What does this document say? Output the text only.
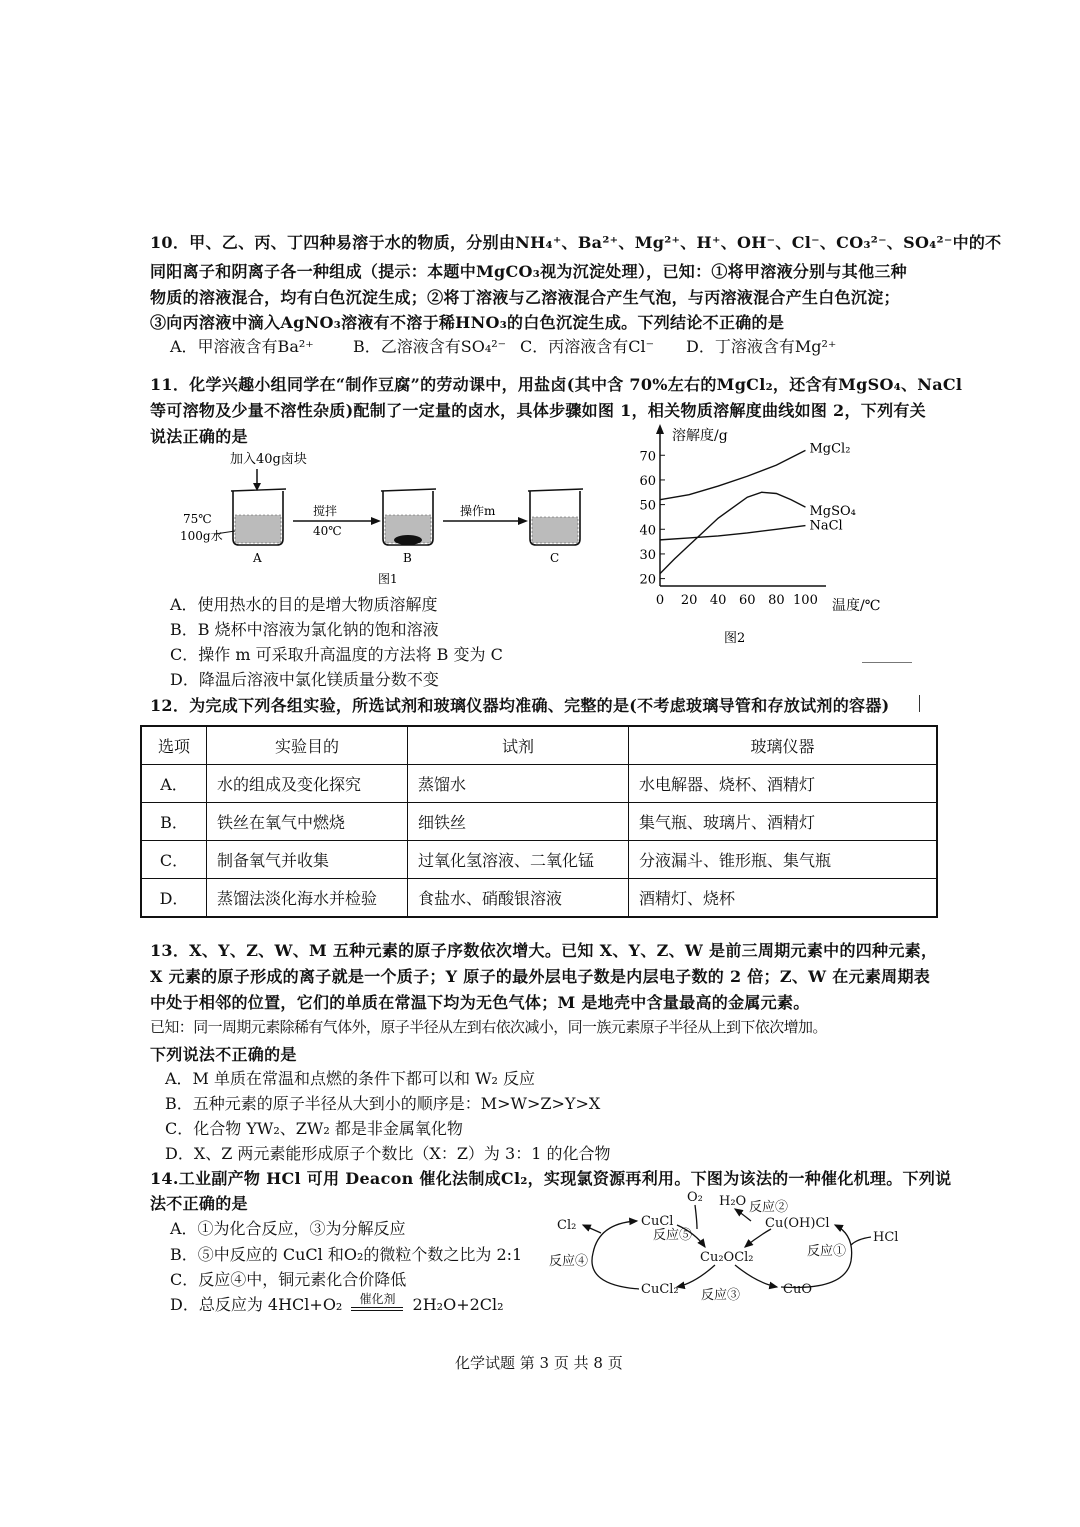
10．甲、乙、丙、丁四种易溶于水的物质，分别由NH₄⁺、Ba²⁺、Mg²⁺、H⁺、OH⁻、Cl⁻、CO₃²⁻、SO₄²⁻中的不
同阳离子和阴离子各一种组成（提示：本题中MgCO₃视为沉淀处理），已知：①将甲溶液分别与其他三种
物质的溶液混合，均有白色沉淀生成；②将丁溶液与乙溶液混合产生气泡，与丙溶液混合产生白色沉淀；
③向丙溶液中滴入AgNO₃溶液有不溶于稀HNO₃的白色沉淀生成。下列结论不正确的是
A．甲溶液含有Ba²⁺ B．乙溶液含有SO₄²⁻ C．丙溶液含有Cl⁻ D．丁溶液含有Mg²⁺
11．化学兴趣小组同学在“制作豆腐”的劳动课中，用盐卤(其中含 70%左右的MgCl₂，还含有MgSO₄、NaCl
等可溶物及少量不溶性杂质)配制了一定量的卤水，具体步骤如图 1，相关物质溶解度曲线如图 2，下列有关
说法正确的是
加入40g卤块
75℃
100g水
A
搅拌
40℃
B
操作m
C
图1
A．使用热水的目的是增大物质溶解度
B．B 烧杯中溶液为氯化钠的饱和溶液
C．操作 m 可采取升高温度的方法将 B 变为 C
D．降温后溶液中氯化镁质量分数不变
溶解度/g
温度/℃
图2
0 20 40 60 80 100
20
30
40
50
60
70
MgCl₂
MgSO₄
NaCl
12．为完成下列各组实验，所选试剂和玻璃仪器均准确、完整的是(不考虑玻璃导管和存放试剂的容器)
选项	实验目的	试剂	玻璃仪器
A．	水的组成及变化探究	蒸馏水	水电解器、烧杯、酒精灯
B．	铁丝在氧气中燃烧	细铁丝	集气瓶、玻璃片、酒精灯
C．	制备氧气并收集	过氧化氢溶液、二氧化锰	分液漏斗、锥形瓶、集气瓶
D．	蒸馏法淡化海水并检验	食盐水、硝酸银溶液	酒精灯、烧杯
13．X、Y、Z、W、M 五种元素的原子序数依次增大。已知 X、Y、Z、W 是前三周期元素中的四种元素，
X 元素的原子形成的离子就是一个质子；Y 原子的最外层电子数是内层电子数的 2 倍；Z、W 在元素周期表
中处于相邻的位置，它们的单质在常温下均为无色气体；M 是地壳中含量最高的金属元素。
已知：同一周期元素除稀有气体外，原子半径从左到右依次减小，同一族元素原子半径从上到下依次增加。
下列说法不正确的是
A．M 单质在常温和点燃的条件下都可以和 W₂ 反应
B．五种元素的原子半径从大到小的顺序是：M>W>Z>Y>X
C．化合物 YW₂、ZW₂ 都是非金属氧化物
D．X、Z 两元素能形成原子个数比（X：Z）为 3：1 的化合物
14.工业副产物 HCl 可用 Deacon 催化法制成Cl₂，实现氯资源再利用。下图为该法的一种催化机理。下列说
法不正确的是
A．①为化合反应，③为分解反应
B．⑤中反应的 CuCl 和O₂的微粒个数之比为 2:1
C．反应④中，铜元素化合价降低
D．总反应为 4HCl+O₂ $^{催化剂}$ 2H₂O+2Cl₂
O₂ H₂O 反应②
Cl₂	CuCl	Cu(OH)Cl
HCl
反应⑤
反应④	Cu₂OCl₂	反应①
CuCl₂ 反应③	CuO
化学试题 第 3 页 共 8 页
